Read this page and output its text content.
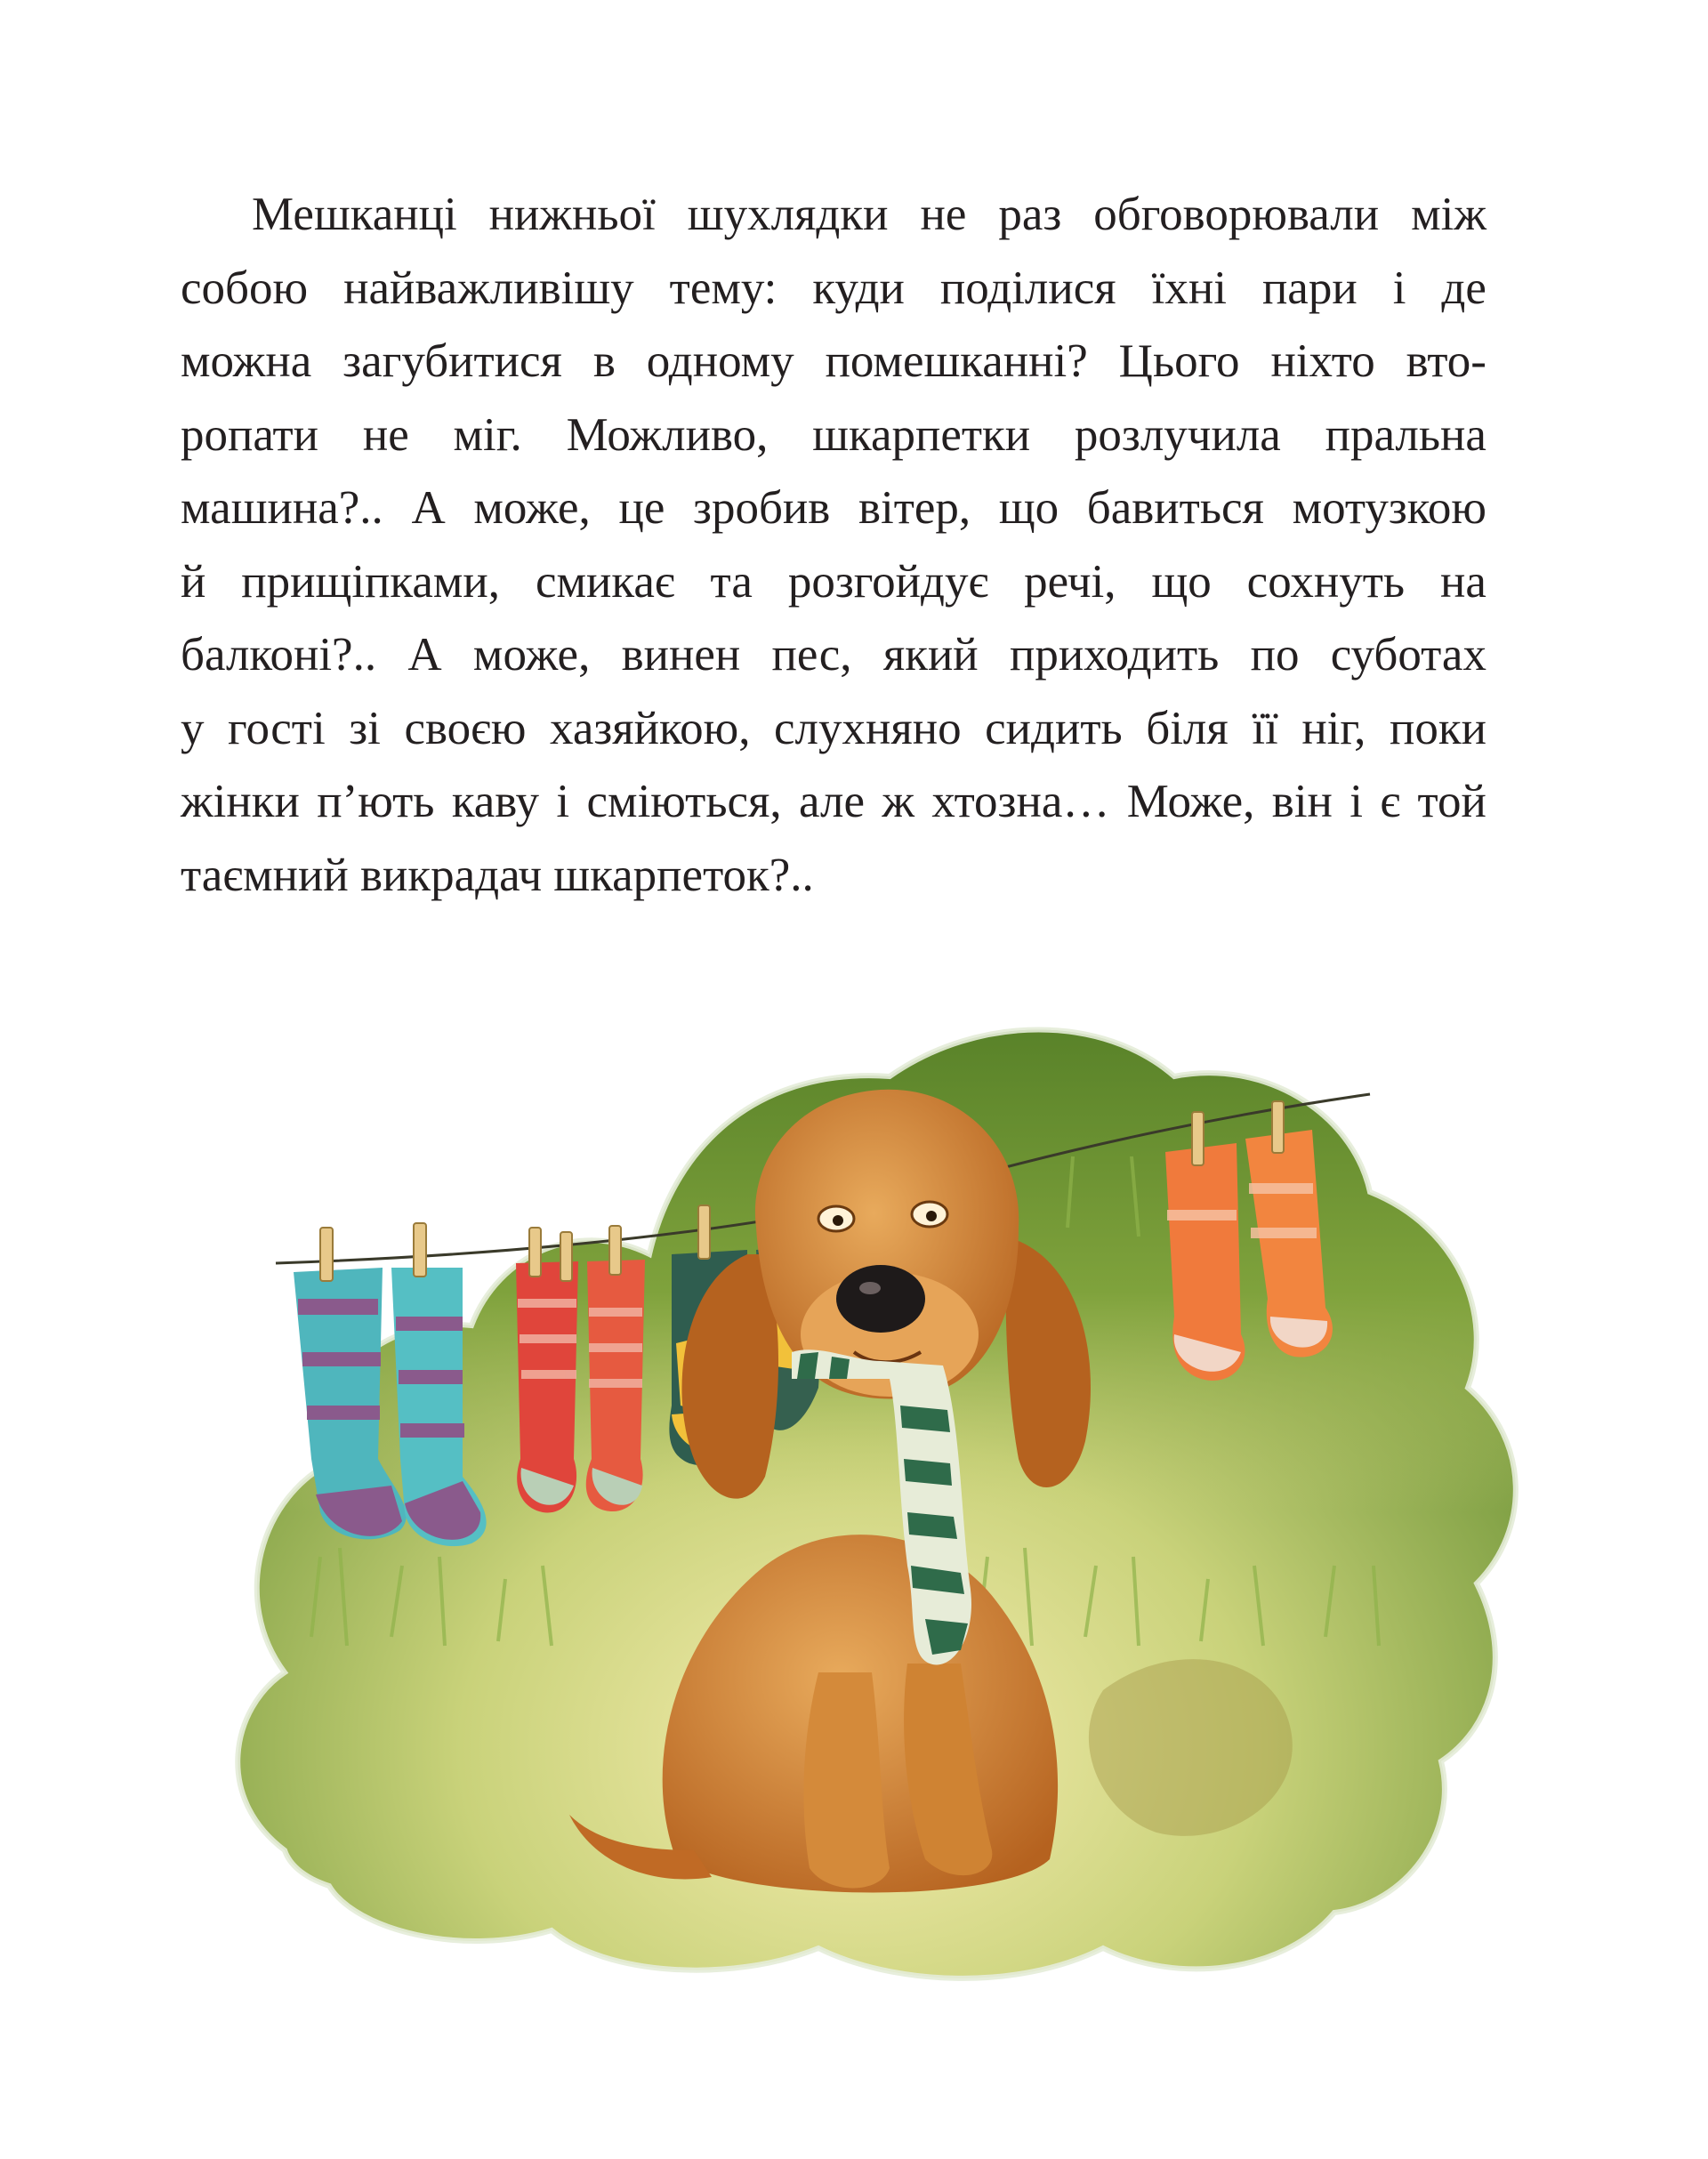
Мешканці нижньої шухлядки не раз обговорювали між
собою найважливішу тему: куди поділися їхні пари і де
можна загубитися в одному помешканні? Цього ніхто вто-
ропати не міг. Можливо, шкарпетки розлучила пральна
машина?.. А може, це зробив вітер, що бавиться мотузкою
й прищіпками, смикає та розгойдує речі, що сохнуть на
балконі?.. А може, винен пес, який приходить по суботах
у гості зі своєю хазяйкою, слухняно сидить біля її ніг, поки
жінки п’ють каву і сміються, але ж хтозна… Може, він і є той
таємний викрадач шкарпеток?..
